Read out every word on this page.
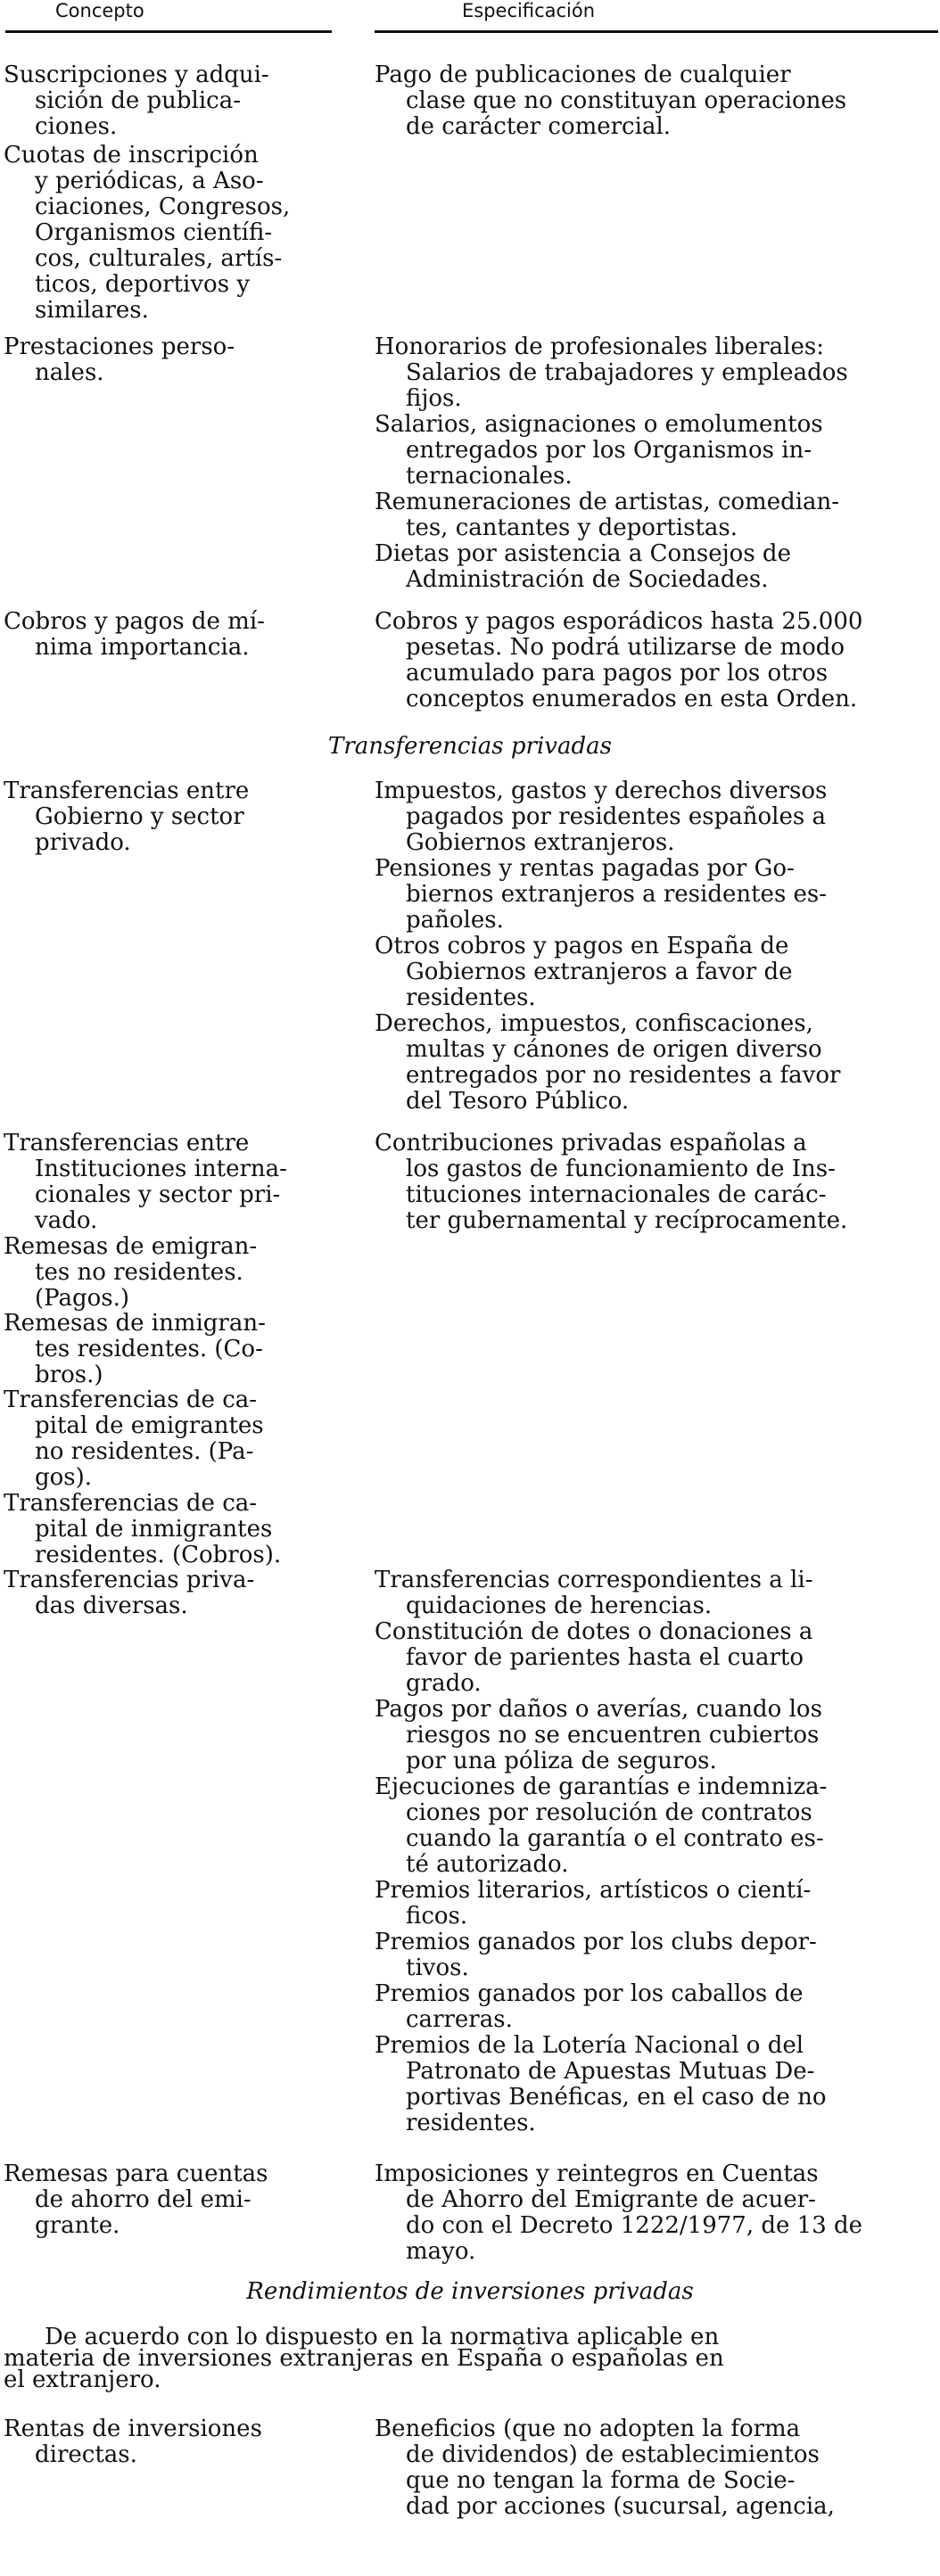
Concepto	Especificación
Transferencias privadas
Rendimientos de inversiones privadas
De acuerdo con lo dispuesto en la normativa aplicable en
materia de inversiones extranjeras en España o españolas en
el extranjero.
Suscripciones y adqui-
sición de publica-
ciones.

Pago de publicaciones de cualquier
clase que no constituyan operaciones
de carácter comercial.

Cuotas de inscripción
y periódicas, a Aso-
ciaciones, Congresos,
Organismos científi-
cos, culturales, artís-
ticos, deportivos y
similares.
Prestaciones perso-
nales.

Honorarios de profesionales liberales:
Salarios de trabajadores y empleados
fijos.

Salarios, asignaciones o emolumentos
entregados por los Organismos in-
ternacionales.

Remuneraciones de artistas, comedian-
tes, cantantes y deportistas.

Dietas por asistencia a Consejos de
Administración de Sociedades.

Cobros y pagos de mí-
nima importancia.

Cobros y pagos esporádicos hasta 25.000
pesetas. No podrá utilizarse de modo
acumulado para pagos por los otros
conceptos enumerados en esta Orden.

Transferencias entre
Gobierno y sector
privado.

Impuestos, gastos y derechos diversos
pagados por residentes españoles a
Gobiernos extranjeros.

Pensiones y rentas pagadas por Go-
biernos extranjeros a residentes es-
pañoles.

Otros cobros y pagos en España de
Gobiernos extranjeros a favor de
residentes.

Derechos, impuestos, confiscaciones,
multas y cánones de origen diverso
entregados por no residentes a favor
del Tesoro Público.

Transferencias entre
Instituciones interna-
cionales y sector pri-
vado.

Contribuciones privadas españolas a
los gastos de funcionamiento de Ins-
tituciones internacionales de carác-
ter gubernamental y recíprocamente.

Remesas de emigran-
tes no residentes.
(Pagos.)
Remesas de inmigran-
tes residentes. (Co-
bros.)
Transferencias de ca-
pital de emigrantes
no residentes. (Pa-
gos).
Transferencias de ca-
pital de inmigrantes
residentes. (Cobros).
Transferencias priva-
das diversas.

Transferencias correspondientes a li-
quidaciones de herencias.

Constitución de dotes o donaciones a
favor de parientes hasta el cuarto
grado.

Pagos por daños o averías, cuando los
riesgos no se encuentren cubiertos
por una póliza de seguros.

Ejecuciones de garantías e indemniza-
ciones por resolución de contratos
cuando la garantía o el contrato es-
té autorizado.

Premios literarios, artísticos o cientí-
ficos.

Premios ganados por los clubs depor-
tivos.

Premios ganados por los caballos de
carreras.

Premios de la Lotería Nacional o del
Patronato de Apuestas Mutuas De-
portivas Benéficas, en el caso de no
residentes.

Remesas para cuentas
de ahorro del emi-
grante.

Imposiciones y reintegros en Cuentas
de Ahorro del Emigrante de acuer-
do con el Decreto 1222/1977, de 13 de
mayo.

Rentas de inversiones
directas.

Beneficios (que no adopten la forma
de dividendos) de establecimientos
que no tengan la forma de Socie-
dad por acciones (sucursal, agencia,
